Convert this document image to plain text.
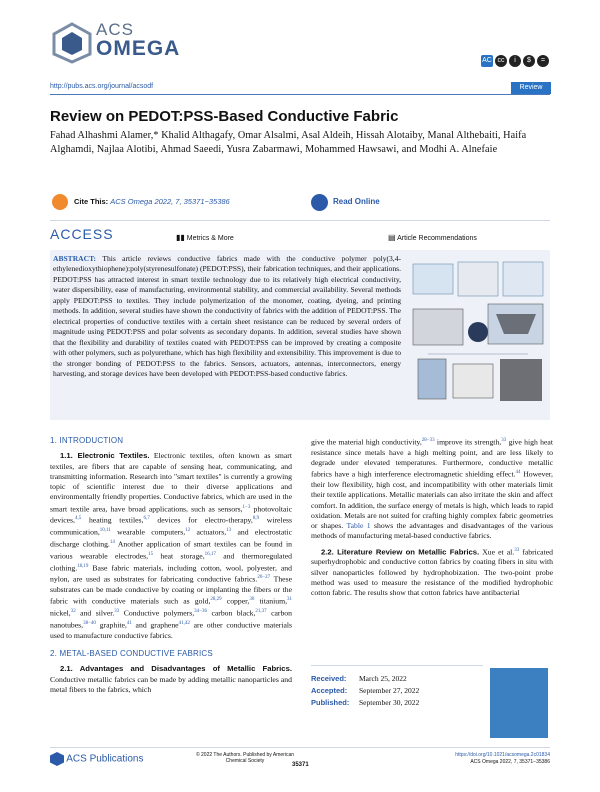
ACS
OMEGA
AC cc	i	$	=
http://pubs.acs.org/journal/acsodf	Review
Review on PEDOT:PSS-Based Conductive Fabric
Fahad Alhashmi Alamer,* Khalid Althagafy, Omar Alsalmi, Asal Aldeih, Hissah Alotaiby, Manal Althebaiti, Haifa Alghamdi, Najlaa Alotibi, Ahmad Saeedi, Yusra Zabarmawi, Mohammed Hawsawi, and Modhi A. Alnefaie
Cite This: ACS Omega 2022, 7, 35371−35386	Read Online
ACCESS	▮▮ Metrics & More	▤ Article Recommendations
ABSTRACT: This article reviews conductive fabrics made with the conductive polymer poly(3,4-ethylenedioxythiophene):poly(styrenesulfonate) (PEDOT:PSS), their fabrication techniques, and their applications. PEDOT:PSS has attracted interest in smart textile technology due to its relatively high electrical conductivity, water dispersibility, ease of manufacturing, environmental stability, and commercial availability. Several methods apply PEDOT:PSS to textiles. They include polymerization of the monomer, coating, dyeing, and printing methods. In addition, several studies have shown the conductivity of fabrics with the addition of PEDOT:PSS. The electrical properties of conductive textiles with a certain sheet resistance can be reduced by several orders of magnitude using PEDOT:PSS and polar solvents as secondary dopants. In addition, several studies have shown that the flexibility and durability of textiles coated with PEDOT:PSS can be improved by creating a composite with other polymers, such as polyurethane, which has high flexibility and extensibility. This improvement is due to the stronger bonding of PEDOT:PSS to the fabrics. Sensors, actuators, antennas, interconnectors, energy harvesting, and storage devices have been developed with PEDOT:PSS-based conductive fabrics.
1. INTRODUCTION

1.1. Electronic Textiles. Electronic textiles, often known as smart textiles, are fibers that are capable of sensing heat, communicating, and transmitting information. Research into "smart textiles" is currently a growing topic of scientific interest due to their diverse applications and environmentally friendly properties. Conductive fabrics, which are used in the smart textile area, have broad applications, such as sensors,$^{1-3}$ photovoltaic devices,$^{4,5}$ heating textiles,$^{6,7}$ devices for electro-therapy,$^{8,9}$ wireless communication,$^{10,11}$ wearable computers,$^{12}$ actuators,$^{13}$ and electrostatic discharge clothing.$^{14}$ Another application of smart textiles can be found in various wearable electrodes,$^{15}$ heat storage,$^{16,17}$ and thermoregulated clothing.$^{18,19}$ Base fabric materials, including cotton, wool, polyester, and nylon, are used as substrates for fabricating conductive fabrics.$^{20-27}$ These substrates can be made conductive by coating or implanting the fibers or the fabric with conductive materials such as gold,$^{28,29}$ copper,$^{30}$ titanium,$^{31}$ nickel,$^{32}$ and silver.$^{33}$ Conductive polymers,$^{34-36}$ carbon black,$^{21,37}$ carbon nanotubes,$^{38-40}$ graphite,$^{41}$ and graphene$^{41,42}$ are other conductive materials used to manufacture conductive fabrics.

2. METAL-BASED CONDUCTIVE FABRICS

2.1. Advantages and Disadvantages of Metallic Fabrics. Conductive metallic fabrics can be made by adding metallic nanoparticles and metal fibers to the fabrics, which

give the material high conductivity,$^{28-33}$ improve its strength,$^{33}$ give high heat resistance since metals have a high melting point, and are less likely to degrade under elevated temperatures. Furthermore, conductive metallic fabrics have a high interference electromagnetic shielding effect.$^{44}$ However, their low flexibility, high cost, and incompatibility with other materials limit their textile applications. Metallic materials can also irritate the skin and affect comfort. In addition, the surface energy of metals is high, which leads to rapid oxidation. Metals are not suited for crafting highly complex fabric geometries or shapes. Table 1 shows the advantages and disadvantages of the various methods of manufacturing metal-based conductive fabrics.

2.2. Literature Review on Metallic Fabrics. Xue et al.$^{33}$ fabricated superhydrophobic and conductive cotton fabrics by coating fibers in situ with silver nanoparticles followed by hydrophobization. The two-point probe method was used to measure the resistance of the modified hydrophobic cotton fabric. The results show that cotton fabrics have antibacterial

Received: March 25, 2022
Accepted: September 27, 2022
Published: September 30, 2022
ACS Publications	© 2022 The Authors. Published by American Chemical Society
35371
https://doi.org/10.1021/acsomega.2c01834
ACS Omega 2022, 7, 35371−35386
